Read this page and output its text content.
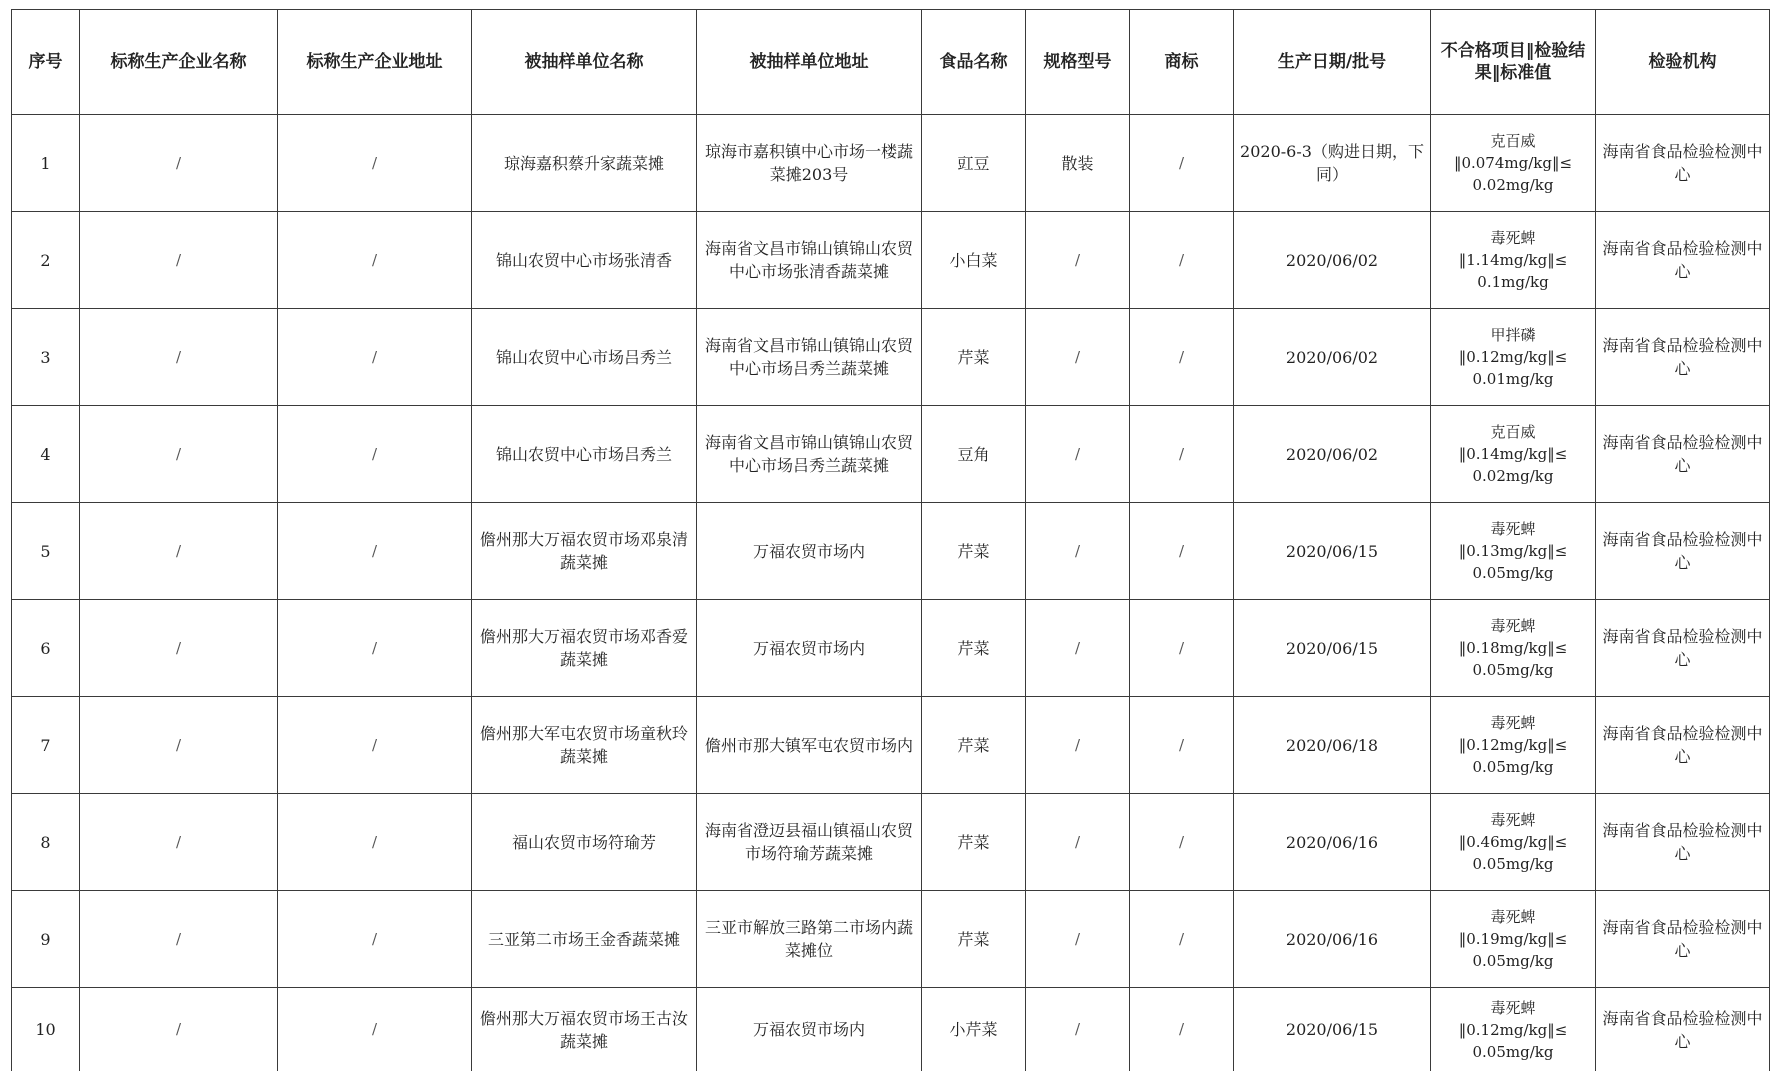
序号	标称生产企业名称	标称生产企业地址	被抽样单位名称	被抽样单位地址	食品名称	规格型号	商标	生产日期/批号	不合格项目‖检验结果‖标准值	检验机构
1	/	/	琼海嘉积蔡升家蔬菜摊	琼海市嘉积镇中心市场一楼蔬菜摊203号	豇豆	散装	/	2020-6-3（购进日期，下同）	克百威
‖0.074mg/kg‖≤
0.02mg/kg	海南省食品检验检测中心
2	/	/	锦山农贸中心市场张清香	海南省文昌市锦山镇锦山农贸中心市场张清香蔬菜摊	小白菜	/	/	2020/06/02	毒死蜱
‖1.14mg/kg‖≤
0.1mg/kg	海南省食品检验检测中心
3	/	/	锦山农贸中心市场吕秀兰	海南省文昌市锦山镇锦山农贸中心市场吕秀兰蔬菜摊	芹菜	/	/	2020/06/02	甲拌磷
‖0.12mg/kg‖≤
0.01mg/kg	海南省食品检验检测中心
4	/	/	锦山农贸中心市场吕秀兰	海南省文昌市锦山镇锦山农贸中心市场吕秀兰蔬菜摊	豆角	/	/	2020/06/02	克百威
‖0.14mg/kg‖≤
0.02mg/kg	海南省食品检验检测中心
5	/	/	儋州那大万福农贸市场邓泉清蔬菜摊	万福农贸市场内	芹菜	/	/	2020/06/15	毒死蜱
‖0.13mg/kg‖≤
0.05mg/kg	海南省食品检验检测中心
6	/	/	儋州那大万福农贸市场邓香爱蔬菜摊	万福农贸市场内	芹菜	/	/	2020/06/15	毒死蜱
‖0.18mg/kg‖≤
0.05mg/kg	海南省食品检验检测中心
7	/	/	儋州那大军屯农贸市场童秋玲蔬菜摊	儋州市那大镇军屯农贸市场内	芹菜	/	/	2020/06/18	毒死蜱
‖0.12mg/kg‖≤
0.05mg/kg	海南省食品检验检测中心
8	/	/	福山农贸市场符瑜芳	海南省澄迈县福山镇福山农贸市场符瑜芳蔬菜摊	芹菜	/	/	2020/06/16	毒死蜱
‖0.46mg/kg‖≤
0.05mg/kg	海南省食品检验检测中心
9	/	/	三亚第二市场王金香蔬菜摊	三亚市解放三路第二市场内蔬菜摊位	芹菜	/	/	2020/06/16	毒死蜱
‖0.19mg/kg‖≤
0.05mg/kg	海南省食品检验检测中心
10	/	/	儋州那大万福农贸市场王古汝蔬菜摊	万福农贸市场内	小芹菜	/	/	2020/06/15	毒死蜱
‖0.12mg/kg‖≤
0.05mg/kg	海南省食品检验检测中心
